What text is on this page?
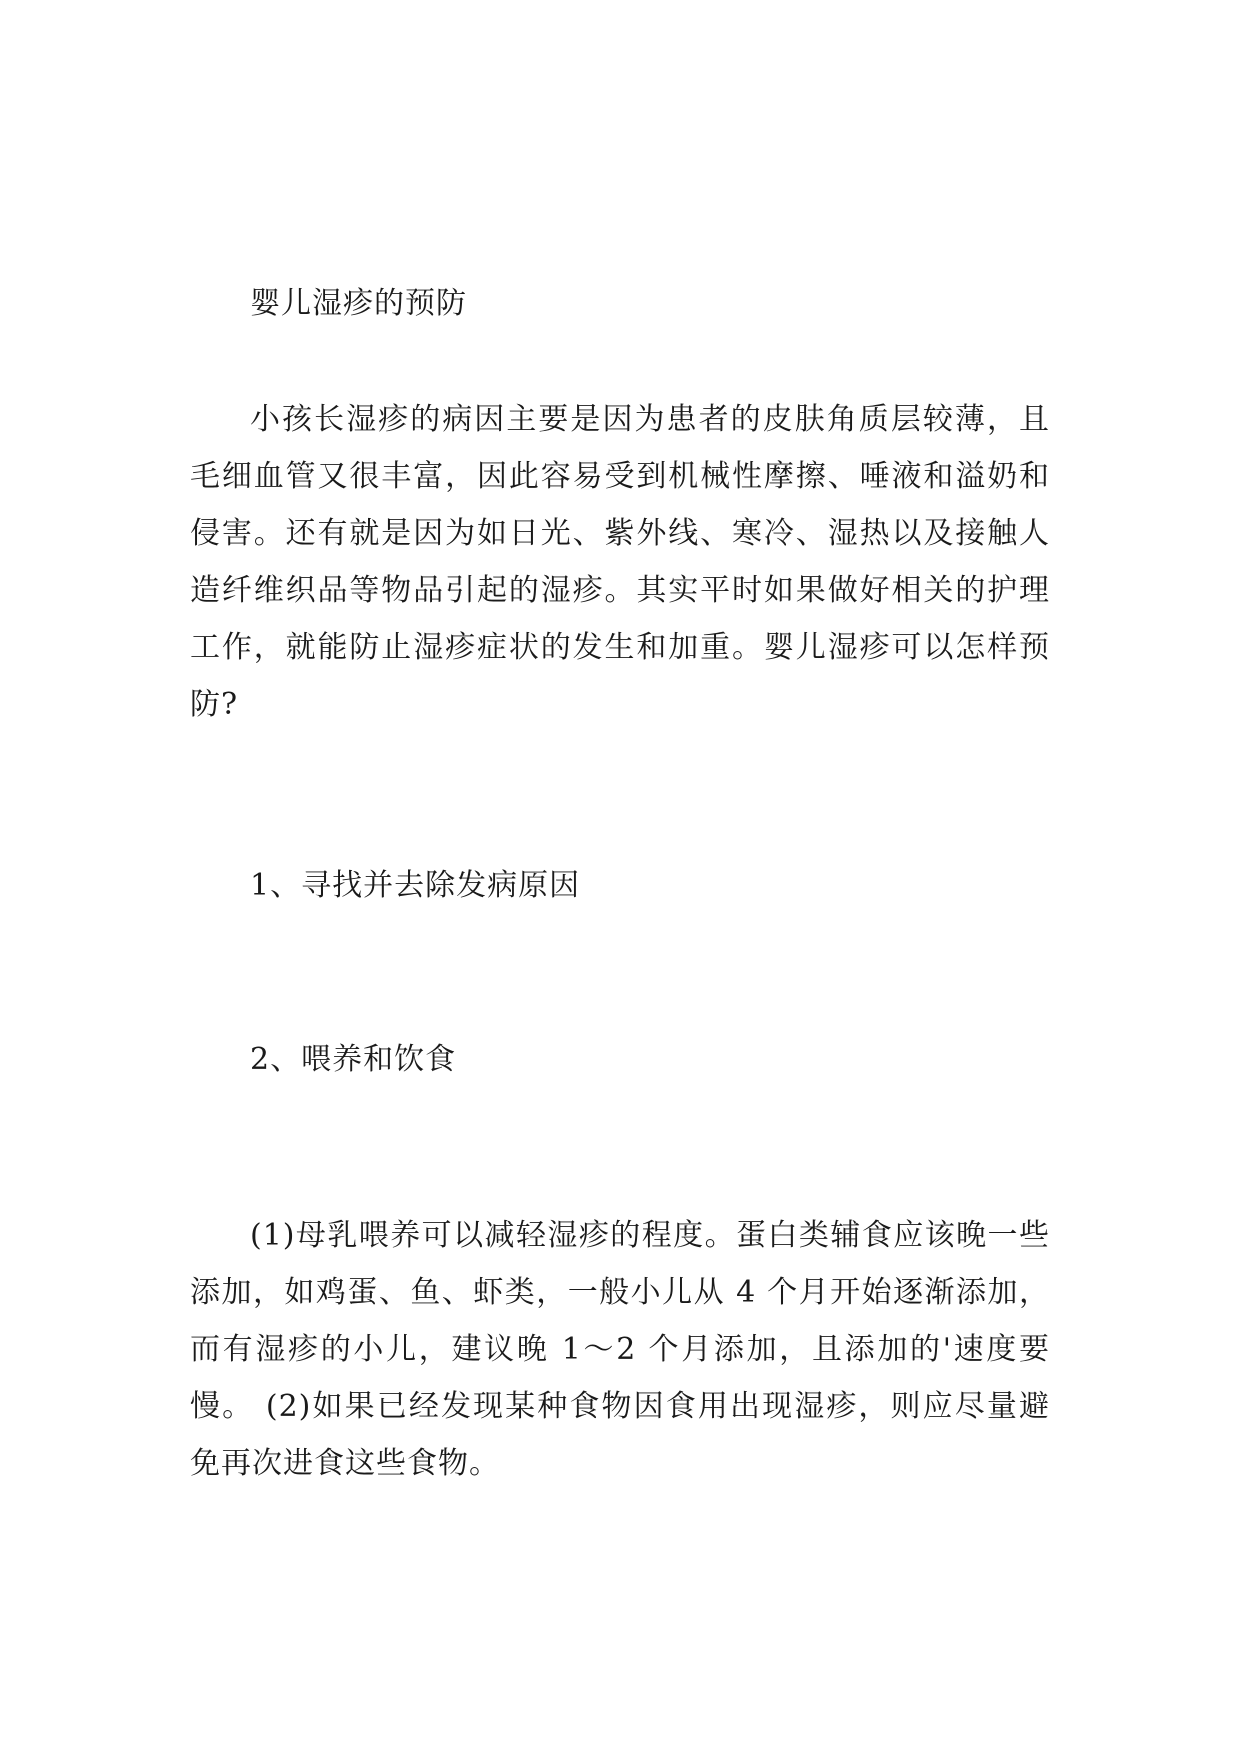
婴儿湿疹的预防

小孩长湿疹的病因主要是因为患者的皮肤角质层较薄，且毛细血管又很丰富，因此容易受到机械性摩擦、唾液和溢奶和侵害。还有就是因为如日光、紫外线、寒冷、湿热以及接触人造纤维织品等物品引起的湿疹。其实平时如果做好相关的护理工作，就能防止湿疹症状的发生和加重。婴儿湿疹可以怎样预防?

1、寻找并去除发病原因

2、喂养和饮食

(1)母乳喂养可以减轻湿疹的程度。蛋白类辅食应该晚一些添加，如鸡蛋、鱼、虾类，一般小儿从 4 个月开始逐渐添加，而有湿疹的小儿，建议晚 1～2 个月添加，且添加的'速度要慢。 (2)如果已经发现某种食物因食用出现湿疹，则应尽量避免再次进食这些食物。
